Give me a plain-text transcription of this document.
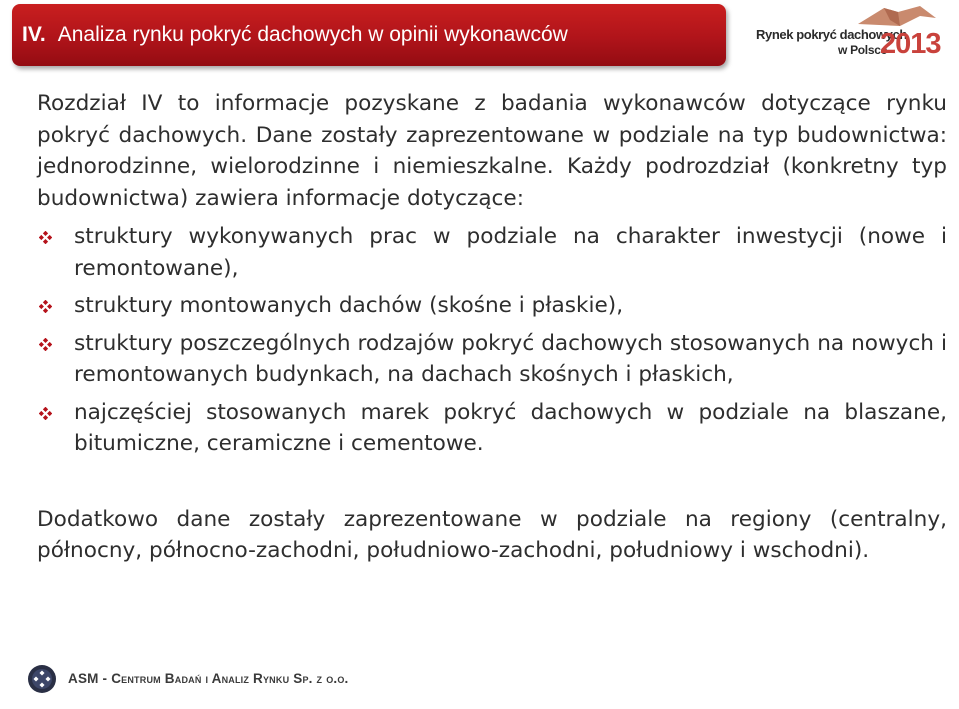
IV. Analiza rynku pokryć dachowych w opinii wykonawców	Rynek pokryć dachowych
w Polsce
2013

Rozdział IV to informacje pozyskane z badania wykonawców dotyczące rynku pokryć dachowych. Dane zostały zaprezentowane w podziale na typ budownictwa: jednorodzinne, wielorodzinne i niemieszkalne. Każdy podrozdział (konkretny typ budownictwa) zawiera informacje dotyczące:

struktury wykonywanych prac w podziale na charakter inwestycji (nowe i remontowane),
struktury montowanych dachów (skośne i płaskie),
struktury poszczególnych rodzajów pokryć dachowych stosowanych na nowych i remontowanych budynkach, na dachach skośnych i płaskich,
najczęściej stosowanych marek pokryć dachowych w podziale na blaszane, bitumiczne, ceramiczne i cementowe.

Dodatkowo dane zostały zaprezentowane w podziale na regiony (centralny, północny, północno-zachodni, południowo-zachodni, południowy i wschodni).

ASM - Centrum Badań i Analiz Rynku Sp. z o.o.
